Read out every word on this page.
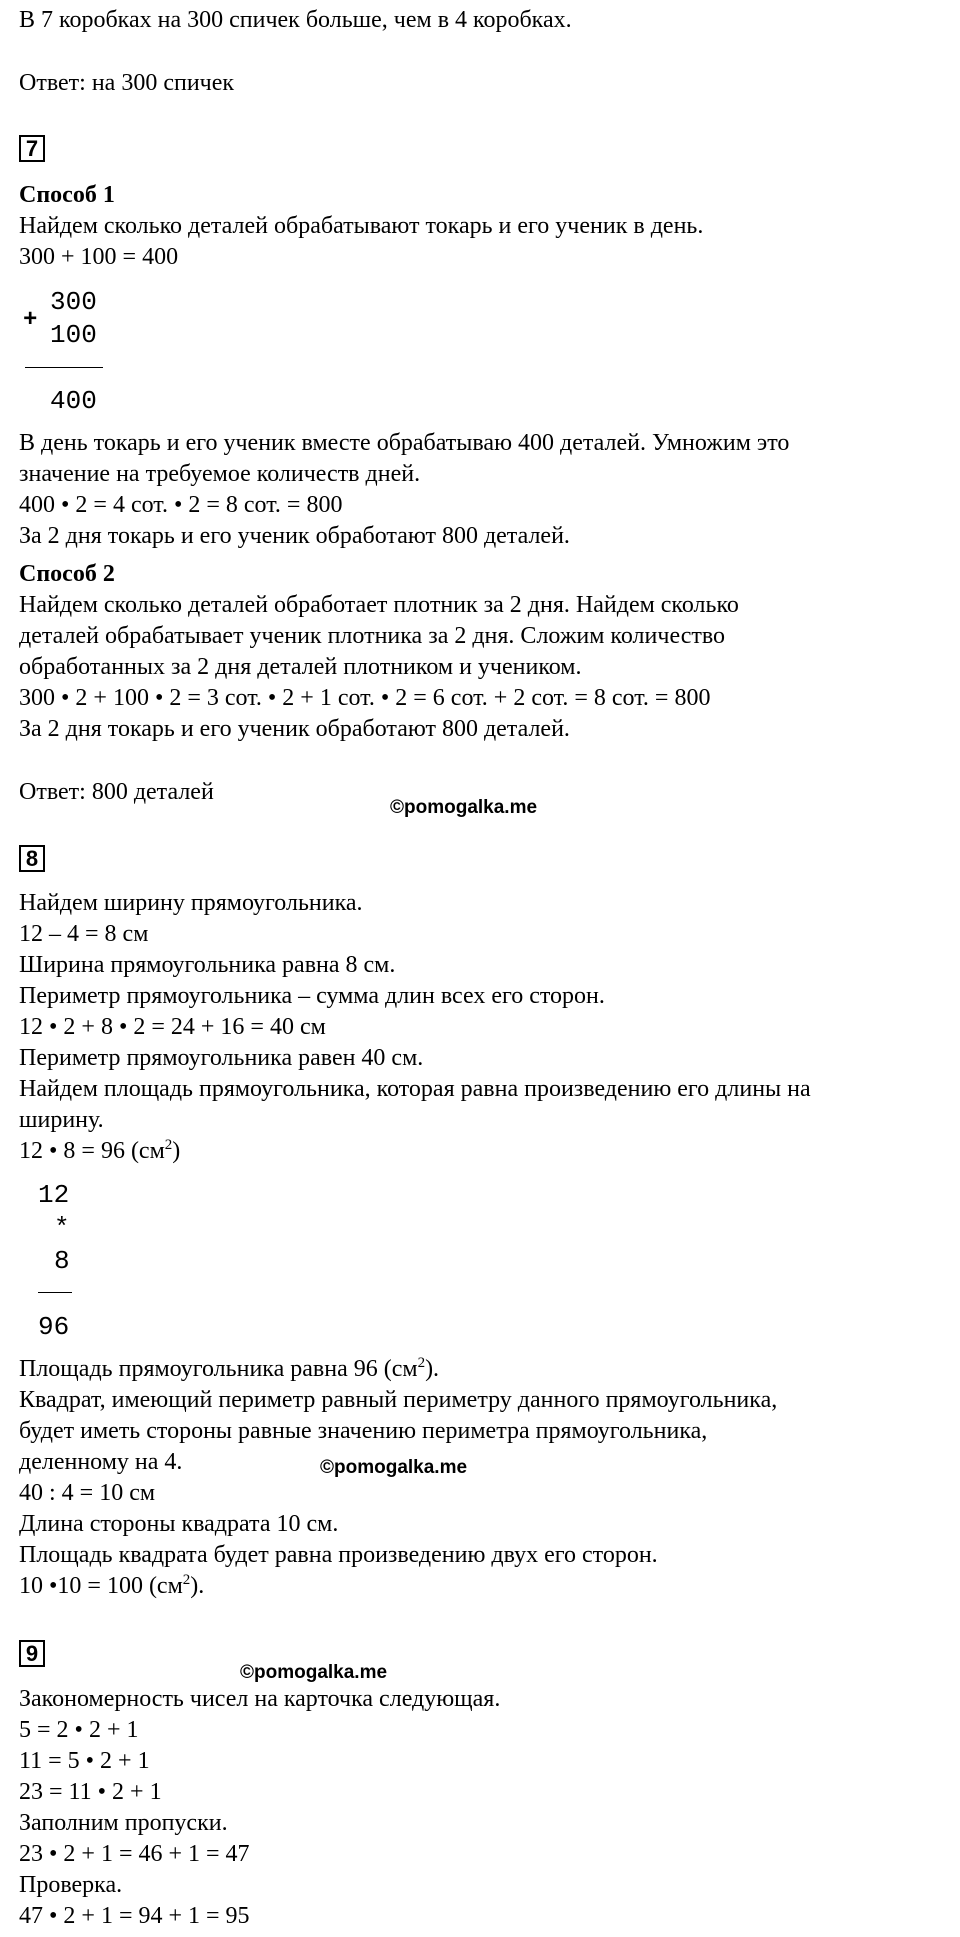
В 7 коробках на 300 спичек больше, чем в 4 коробках.
Ответ: на 300 спичек
7
Способ 1
Найдем сколько деталей обрабатывают токарь и его ученик в день.
300 + 100 = 400
+
300
100
400
В день токарь и его ученик вместе обрабатываю 400 деталей. Умножим это
значение на требуемое количеств дней.
400 • 2 = 4 сот. • 2 = 8 сот. = 800
За 2 дня токарь и его ученик обработают 800 деталей.
Способ 2
Найдем сколько деталей обработает плотник за 2 дня. Найдем сколько
деталей обрабатывает ученик плотника за 2 дня. Сложим количество
обработанных за 2 дня деталей плотником и учеником.
300 • 2 + 100 • 2 = 3 сот. • 2 + 1 сот. • 2 = 6 сот. + 2 сот. = 8 сот. = 800
За 2 дня токарь и его ученик обработают 800 деталей.
Ответ: 800 деталей
©pomogalka.me
8
Найдем ширину прямоугольника.
12 – 4 = 8 см
Ширина прямоугольника равна 8 см.
Периметр прямоугольника – сумма длин всех его сторон.
12 • 2 + 8 • 2 = 24 + 16 = 40 см
Периметр прямоугольника равен 40 см.
Найдем площадь прямоугольника, которая равна произведению его длины на
ширину.
12 • 8 = 96 $(см^2)$
12
*
8
96
Площадь прямоугольника равна 96 $(см^2)$.
Квадрат, имеющий периметр равный периметру данного прямоугольника,
будет иметь стороны равные значению периметра прямоугольника,
деленному на 4.	©pomogalka.me
40 : 4 = 10 см
Длина стороны квадрата 10 см.
Площадь квадрата будет равна произведению двух его сторон.
10 •10 = 100 $(см^2)$.
9
©pomogalka.me
Закономерность чисел на карточка следующая.
5 = 2 • 2 + 1
11 = 5 • 2 + 1
23 = 11 • 2 + 1
Заполним пропуски.
23 • 2 + 1 = 46 + 1 = 47
Проверка.
47 • 2 + 1 = 94 + 1 = 95
